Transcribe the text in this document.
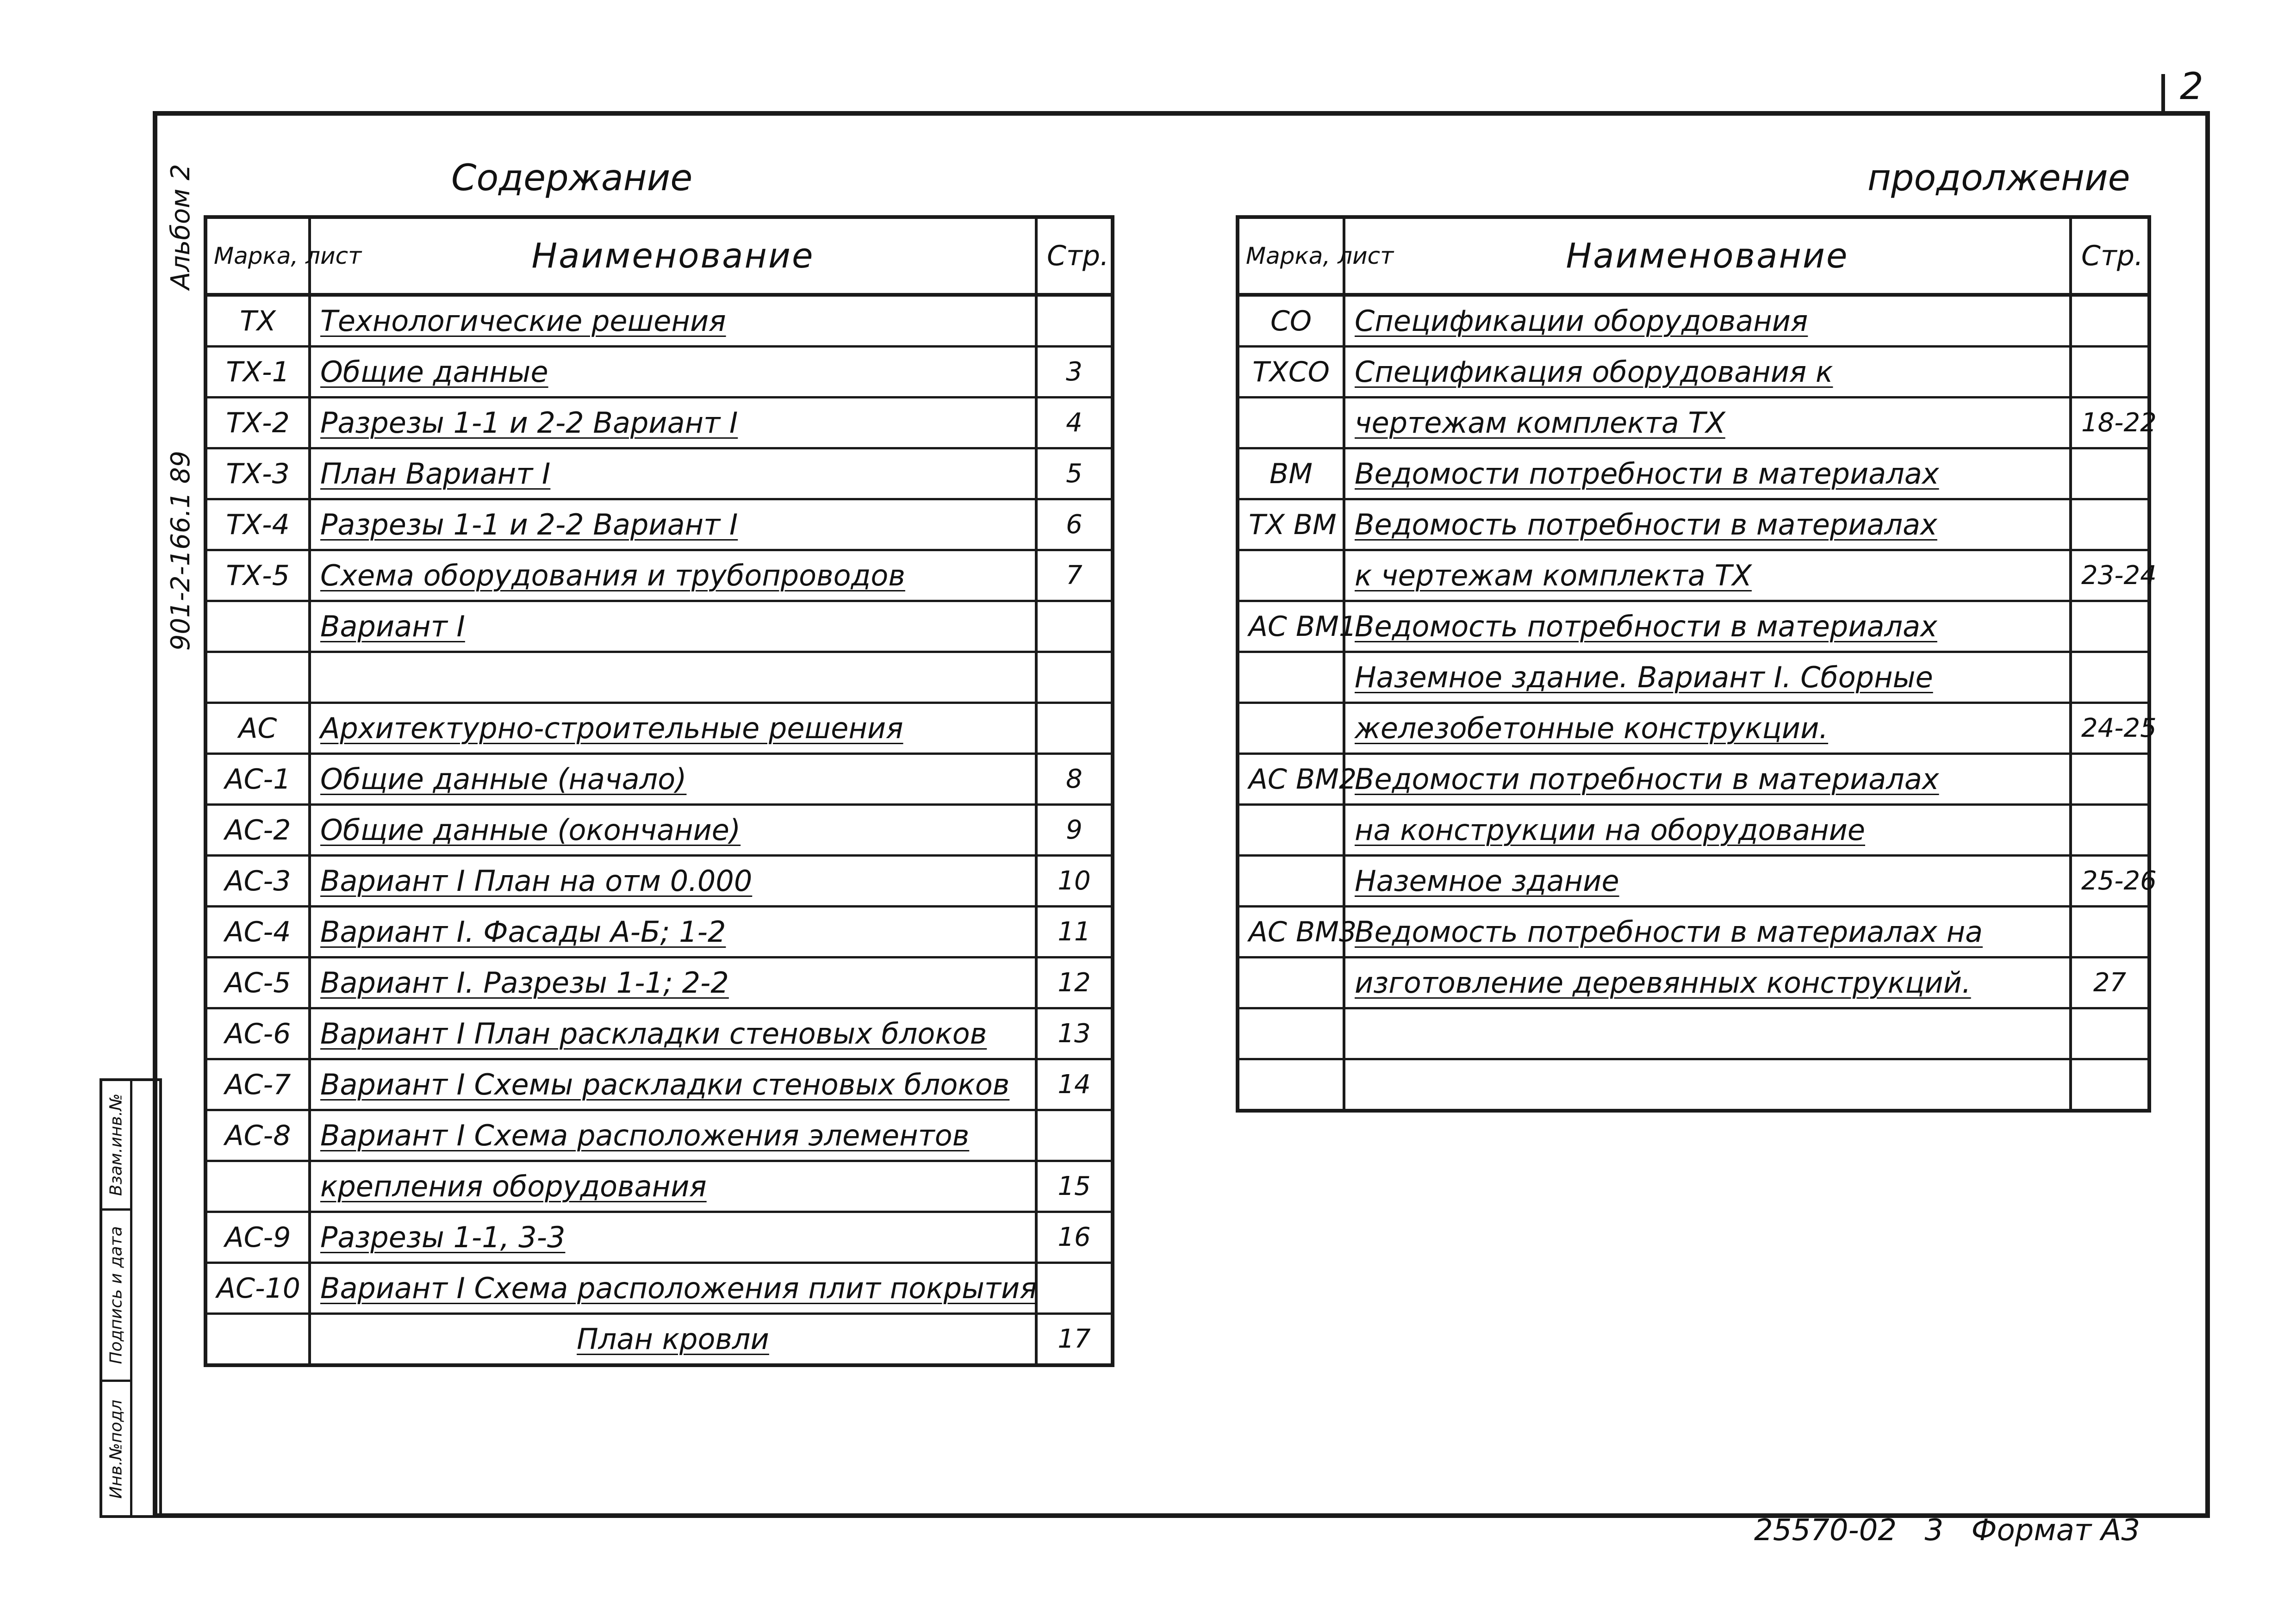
2
Альбом 2
901-2-166.1 89
Взам.инв.№
Подпись и дата
Инв.№подл
Содержание
Марка, лист	Наименование	Стр.
ТХ	Технологические решения	
ТХ-1	Общие данные	3
ТХ-2	Разрезы 1-1 и 2-2 Вариант I	4
ТХ-3	План Вариант I	5
ТХ-4	Разрезы 1-1 и 2-2 Вариант I	6
ТХ-5	Схема оборудования и трубопроводов	7
	Вариант I	

АС	Архитектурно-строительные решения	
АС-1	Общие данные (начало)	8
АС-2	Общие данные (окончание)	9
АС-3	Вариант I План на отм 0.000	10
АС-4	Вариант I. Фасады А-Б; 1-2	11
АС-5	Вариант I. Разрезы 1-1; 2-2	12
АС-6	Вариант I План раскладки стеновых блоков	13
АС-7	Вариант I Схемы раскладки стеновых блоков	14
АС-8	Вариант I Схема расположения элементов	
	крепления оборудования	15
АС-9	Разрезы 1-1, 3-3	16
АС-10	Вариант I Схема расположения плит покрытия	
	План кровли	17
продолжение
Марка, лист	Наименование	Стр.
СО	Спецификации оборудования	
ТХСО	Спецификация оборудования к	
	чертежам комплекта ТХ	18-22
ВМ	Ведомости потребности в материалах	
ТХ ВМ	Ведомость потребности в материалах	
	к чертежам комплекта ТХ	23-24
АС ВМ1	Ведомость потребности в материалах	
	Наземное здание. Вариант I. Сборные	
	железобетонные конструкции.	24-25
АС ВМ2	Ведомости потребности в материалах	
	на конструкции на оборудование	
	Наземное здание	25-26
АС ВМ3	Ведомость потребности в материалах на	
	изготовление деревянных конструкций.	27

25570-02 3 Формат А3
